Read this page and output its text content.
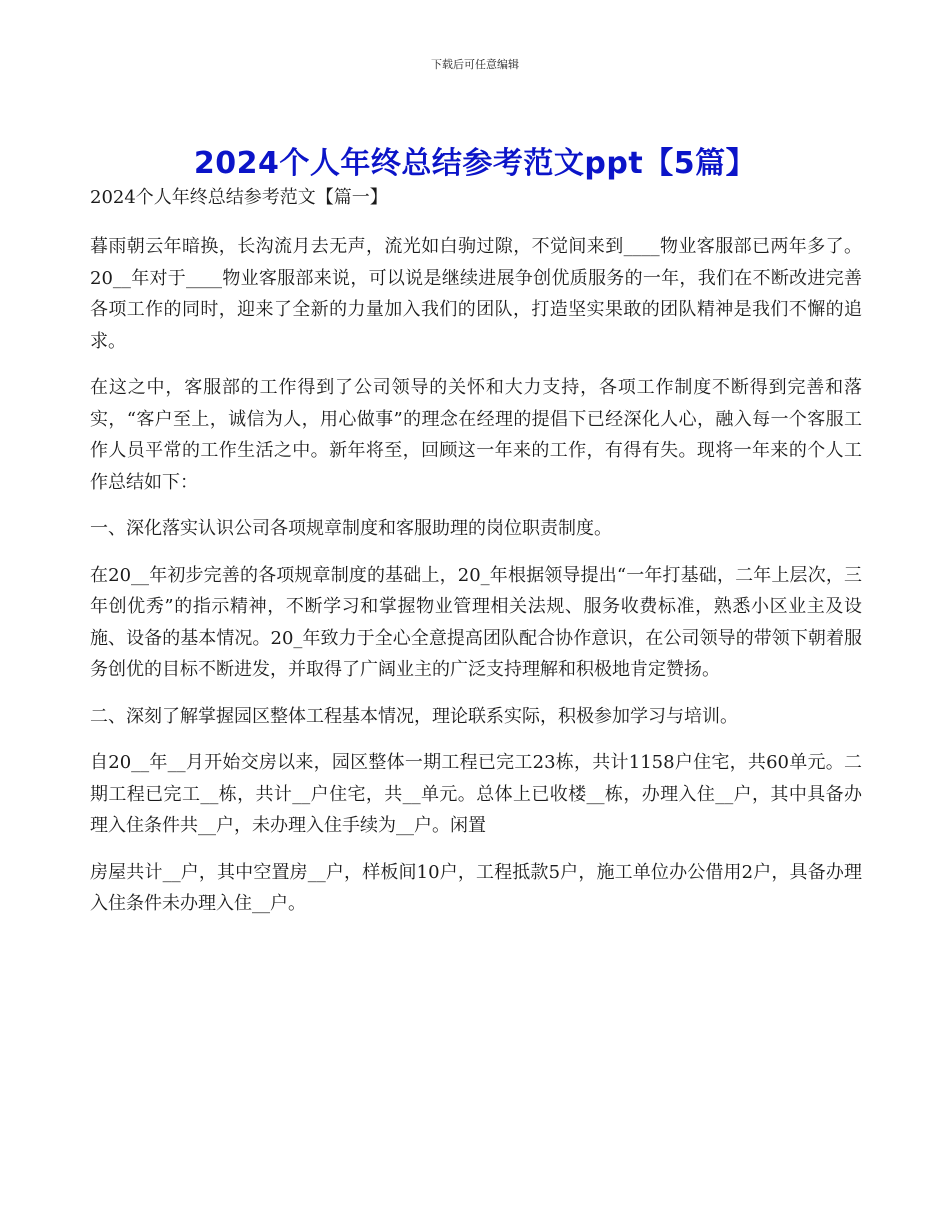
下载后可任意编辑
2024个人年终总结参考范文ppt【5篇】

2024个人年终总结参考范文【篇一】

暮雨朝云年暗换，长沟流月去无声，流光如白驹过隙，不觉间来到____物业客服部已两年多了。20__年对于____物业客服部来说，可以说是继续进展争创优质服务的一年，我们在不断改进完善各项工作的同时，迎来了全新的力量加入我们的团队，打造坚实果敢的团队精神是我们不懈的追求。

在这之中，客服部的工作得到了公司领导的关怀和大力支持，各项工作制度不断得到完善和落实，“客户至上，诚信为人，用心做事”的理念在经理的提倡下已经深化人心，融入每一个客服工作人员平常的工作生活之中。新年将至，回顾这一年来的工作，有得有失。现将一年来的个人工作总结如下：

一、深化落实认识公司各项规章制度和客服助理的岗位职责制度。

在20__年初步完善的各项规章制度的基础上，20_年根据领导提出“一年打基础，二年上层次，三年创优秀”的指示精神，不断学习和掌握物业管理相关法规、服务收费标准，熟悉小区业主及设施、设备的基本情况。20_年致力于全心全意提高团队配合协作意识，在公司领导的带领下朝着服务创优的目标不断进发，并取得了广阔业主的广泛支持理解和积极地肯定赞扬。

二、深刻了解掌握园区整体工程基本情况，理论联系实际，积极参加学习与培训。

自20__年__月开始交房以来，园区整体一期工程已完工23栋，共计1158户住宅，共60单元。二期工程已完工__栋，共计__户住宅，共__单元。总体上已收楼__栋，办理入住__户，其中具备办理入住条件共__户，未办理入住手续为__户。闲置

房屋共计__户，其中空置房__户，样板间10户，工程抵款5户，施工单位办公借用2户，具备办理入住条件未办理入住__户。
